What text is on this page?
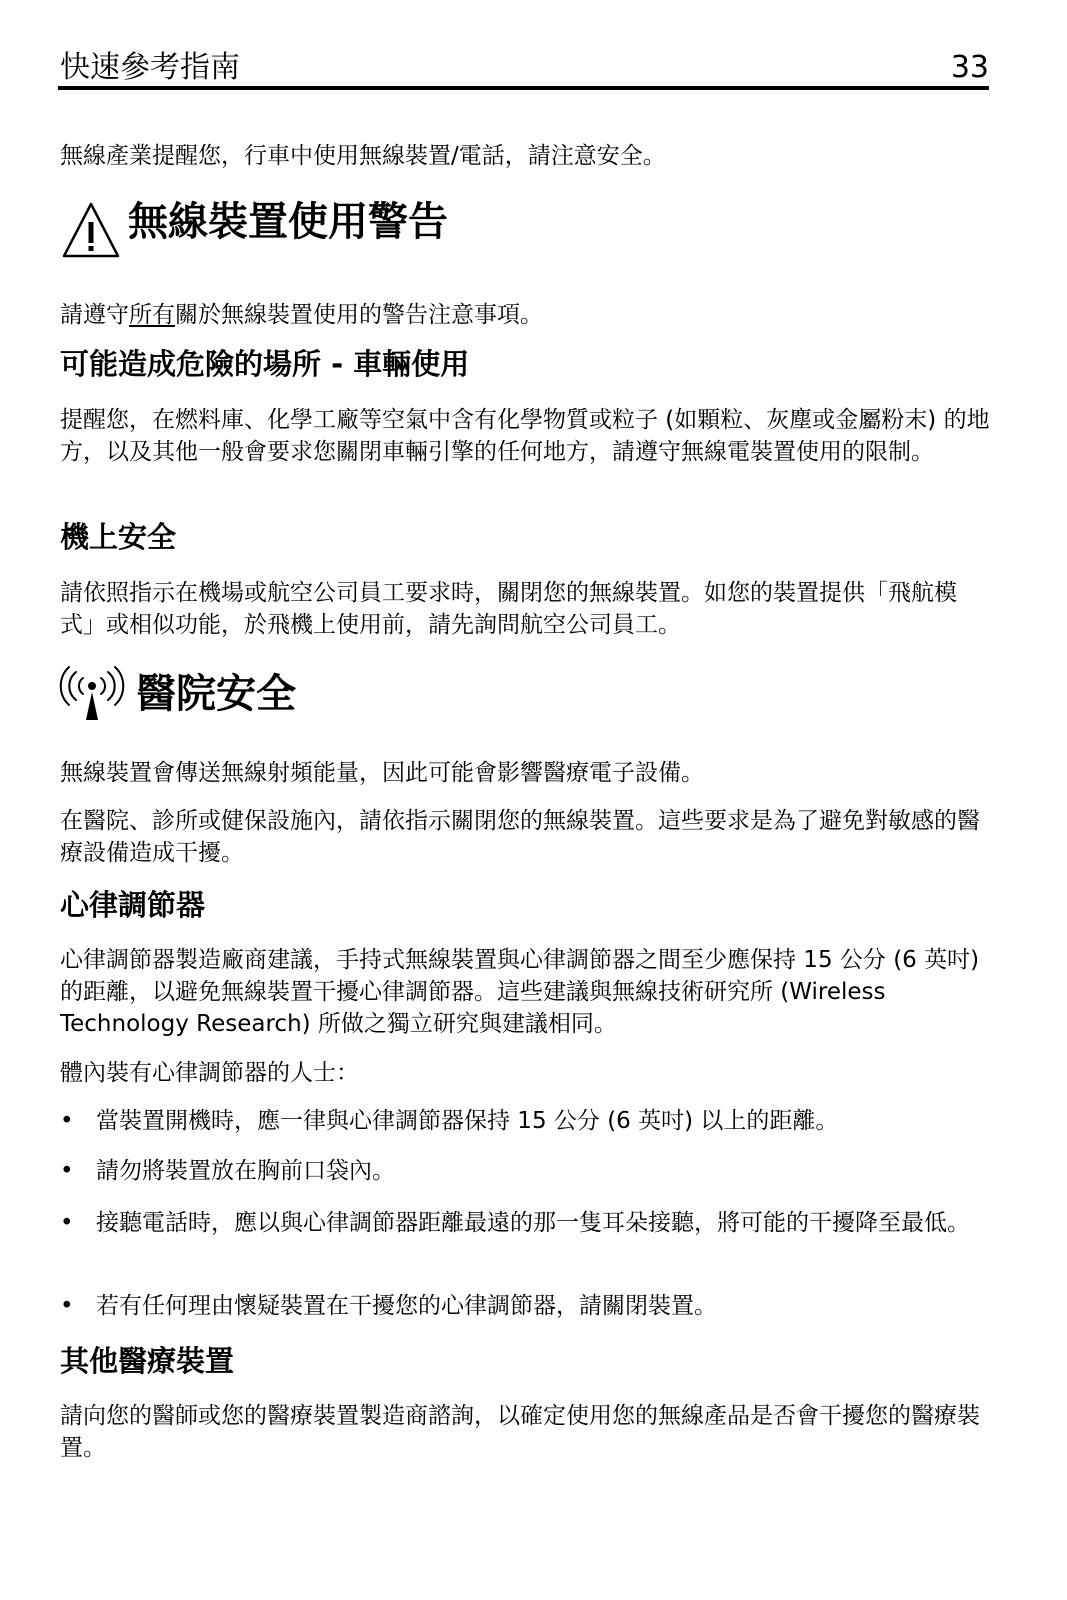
快速參考指南	33

無線產業提醒您，行車中使用無線裝置/電話，請注意安全。

無線裝置使用警告

請遵守所有關於無線裝置使用的警告注意事項。

可能造成危險的場所 - 車輛使用

提醒您，在燃料庫、化學工廠等空氣中含有化學物質或粒子 (如顆粒、灰塵或金屬粉末) 的地方，以及其他一般會要求您關閉車輛引擎的任何地方，請遵守無線電裝置使用的限制。

機上安全

請依照指示在機場或航空公司員工要求時，關閉您的無線裝置。如您的裝置提供「飛航模式」或相似功能，於飛機上使用前，請先詢問航空公司員工。

醫院安全

無線裝置會傳送無線射頻能量，因此可能會影響醫療電子設備。

在醫院、診所或健保設施內，請依指示關閉您的無線裝置。這些要求是為了避免對敏感的醫療設備造成干擾。

心律調節器

心律調節器製造廠商建議，手持式無線裝置與心律調節器之間至少應保持 15 公分 (6 英吋) 的距離，以避免無線裝置干擾心律調節器。這些建議與無線技術研究所 (Wireless Technology Research) 所做之獨立研究與建議相同。

體內裝有心律調節器的人士：

• 當裝置開機時，應一律與心律調節器保持 15 公分 (6 英吋) 以上的距離。
• 請勿將裝置放在胸前口袋內。
• 接聽電話時，應以與心律調節器距離最遠的那一隻耳朵接聽，將可能的干擾降至最低。
• 若有任何理由懷疑裝置在干擾您的心律調節器，請關閉裝置。
其他醫療裝置

請向您的醫師或您的醫療裝置製造商諮詢，以確定使用您的無線產品是否會干擾您的醫療裝置。
